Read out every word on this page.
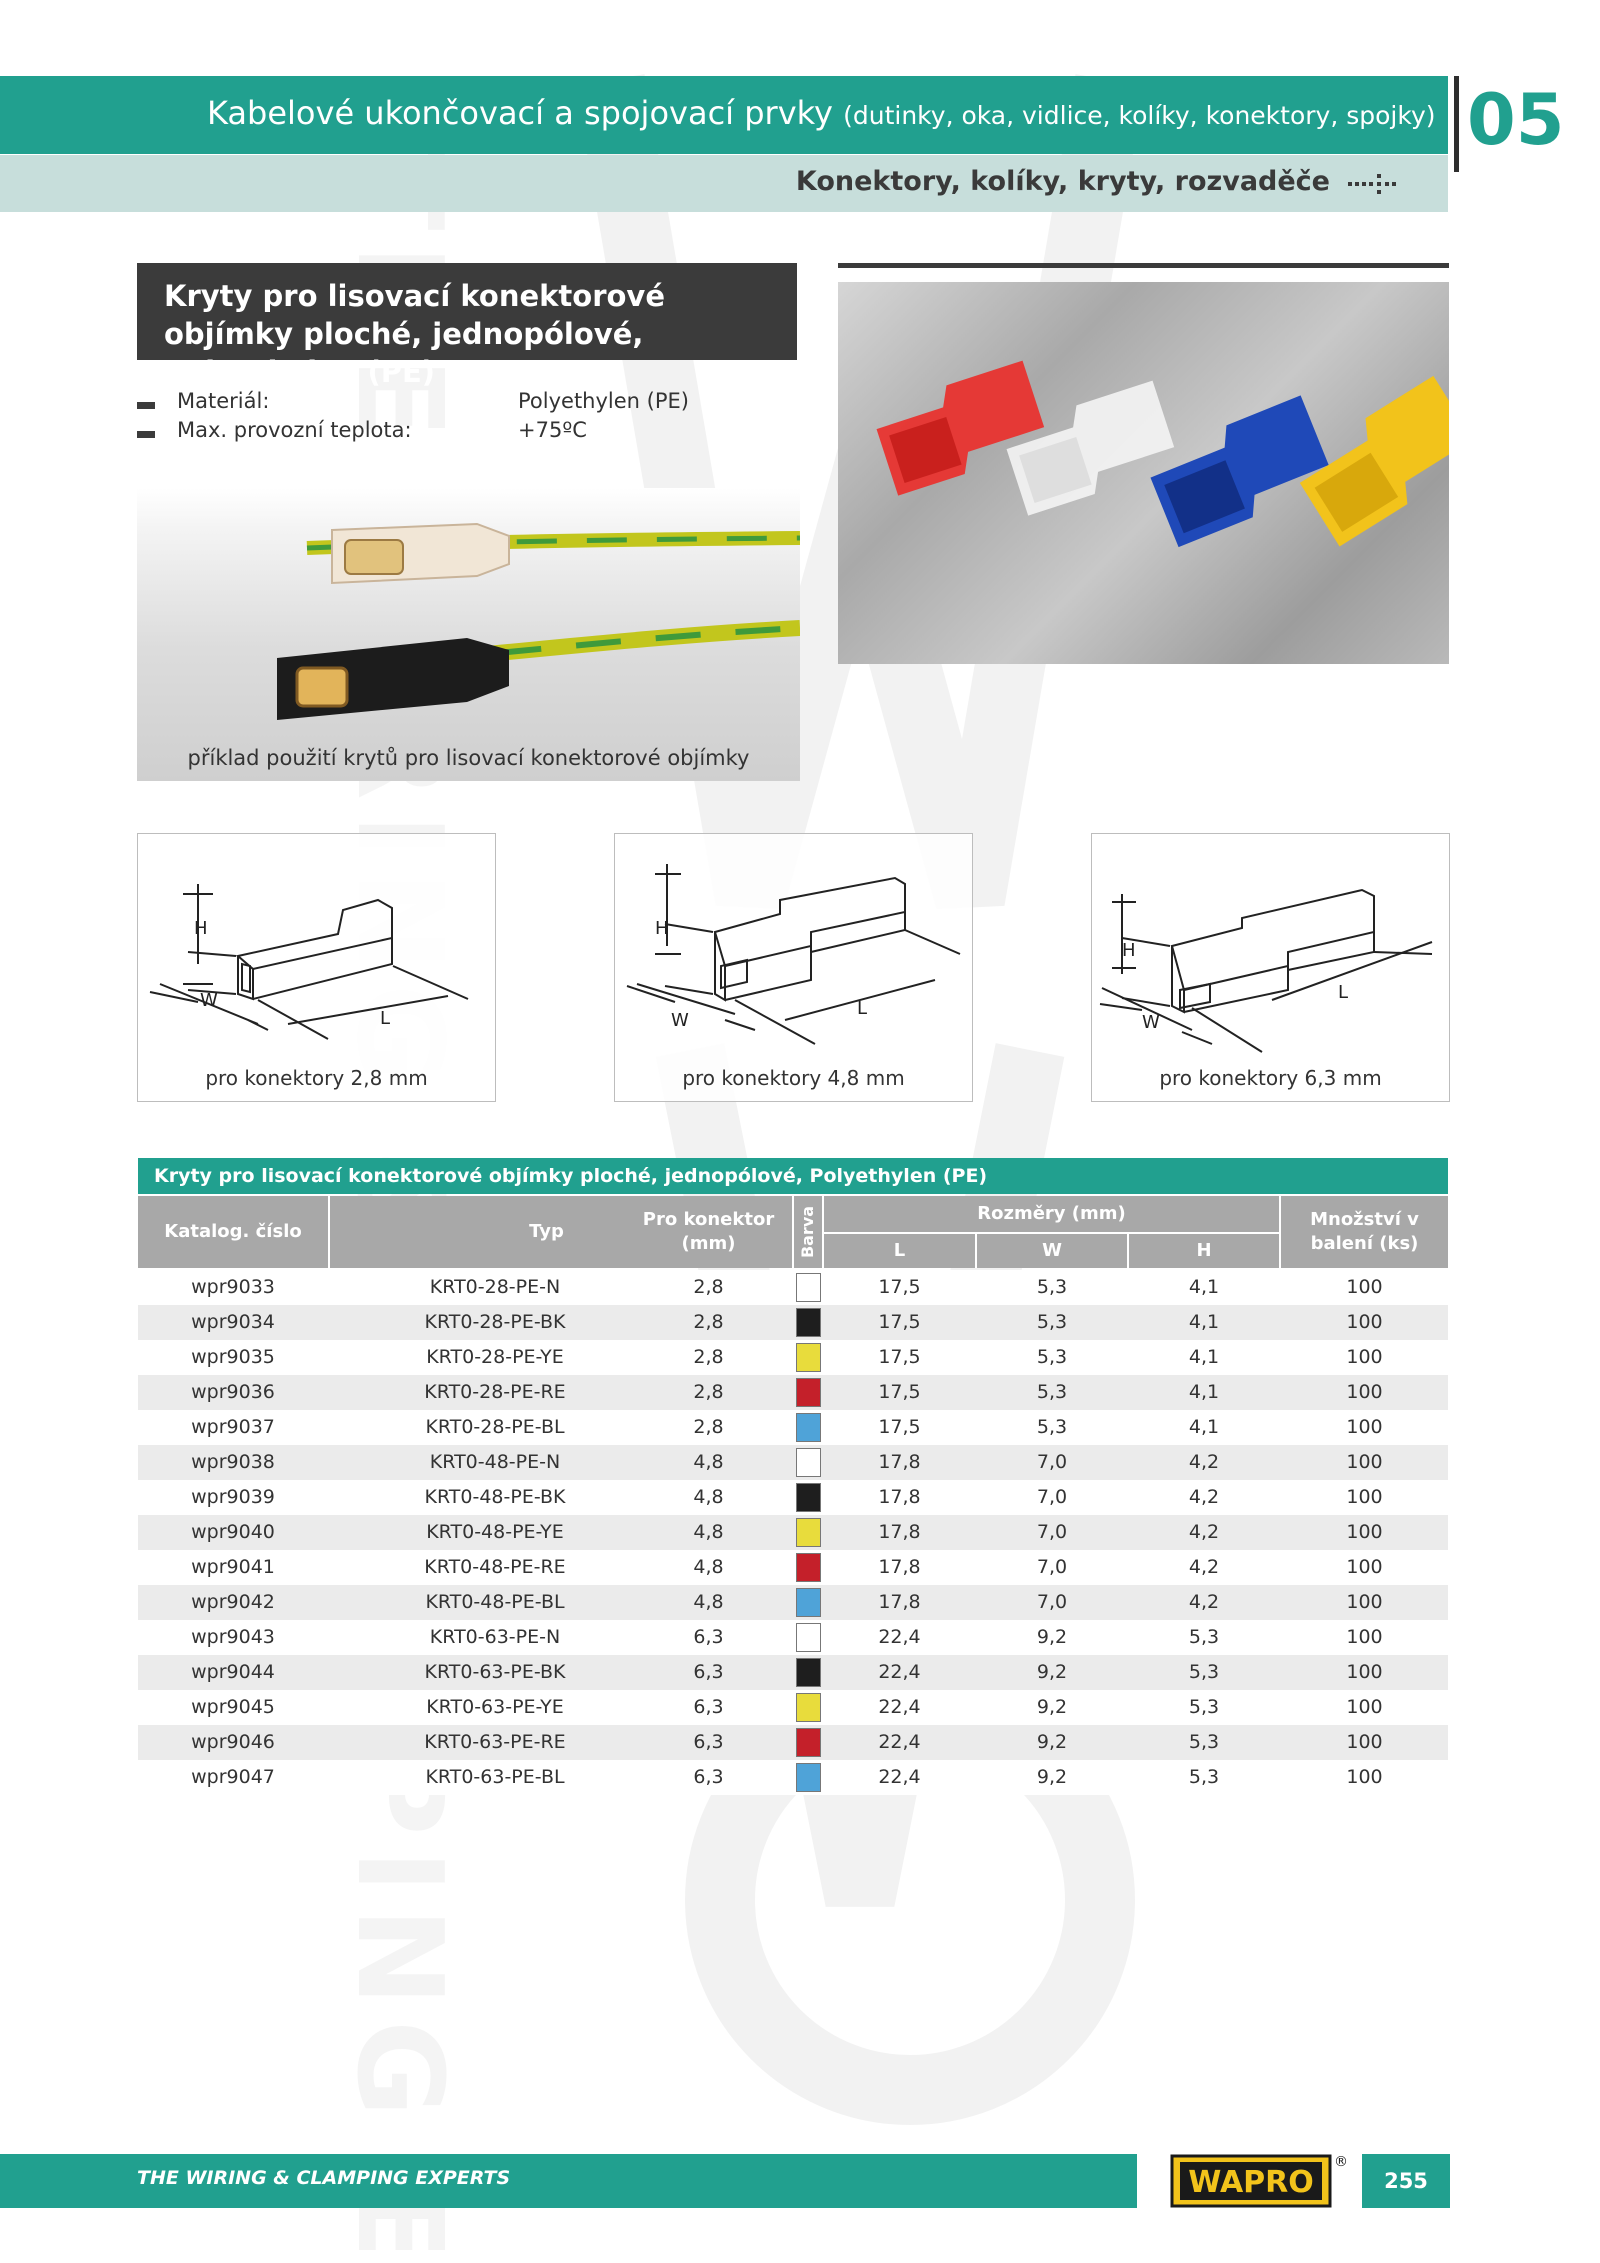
Kabelové ukončovací a spojovací prvky (dutinky, oka, vidlice, kolíky, konektory, spojky)
Konektory, kolíky, kryty, rozvaděče
05
Kryty pro lisovací konektorové objímky ploché, jednopólové, Polyethylen (PE)
Materiál:	Polyethylen (PE)
Max. provozní teplota:	+75ºC
příklad použití krytů pro lisovací konektorové objímky
H
W
L
pro konektory 2,8 mm
H
W
L
pro konektory 4,8 mm
H
W
L
pro konektory 6,3 mm
Kryty pro lisovací konektorové objímky ploché, jednopólové, Polyethylen (PE)
Katalog. číslo	Typ
Pro konektor (mm)	Barva	Rozměry (mm)
L	W	H
Množství v balení (ks)
wpr9033	KRT0-28-PE-N	2,8	17,5	5,3	4,1	100
wpr9034	KRT0-28-PE-BK	2,8	17,5	5,3	4,1	100
wpr9035	KRT0-28-PE-YE	2,8	17,5	5,3	4,1	100
wpr9036	KRT0-28-PE-RE	2,8	17,5	5,3	4,1	100
wpr9037	KRT0-28-PE-BL	2,8	17,5	5,3	4,1	100
wpr9038	KRT0-48-PE-N	4,8	17,8	7,0	4,2	100
wpr9039	KRT0-48-PE-BK	4,8	17,8	7,0	4,2	100
wpr9040	KRT0-48-PE-YE	4,8	17,8	7,0	4,2	100
wpr9041	KRT0-48-PE-RE	4,8	17,8	7,0	4,2	100
wpr9042	KRT0-48-PE-BL	4,8	17,8	7,0	4,2	100
wpr9043	KRT0-63-PE-N	6,3	22,4	9,2	5,3	100
wpr9044	KRT0-63-PE-BK	6,3	22,4	9,2	5,3	100
wpr9045	KRT0-63-PE-YE	6,3	22,4	9,2	5,3	100
wpr9046	KRT0-63-PE-RE	6,3	22,4	9,2	5,3	100
wpr9047	KRT0-63-PE-BL	6,3	22,4	9,2	5,3	100
THE WIRING & CLAMPING EXPERTS	WAPRO
®
255
